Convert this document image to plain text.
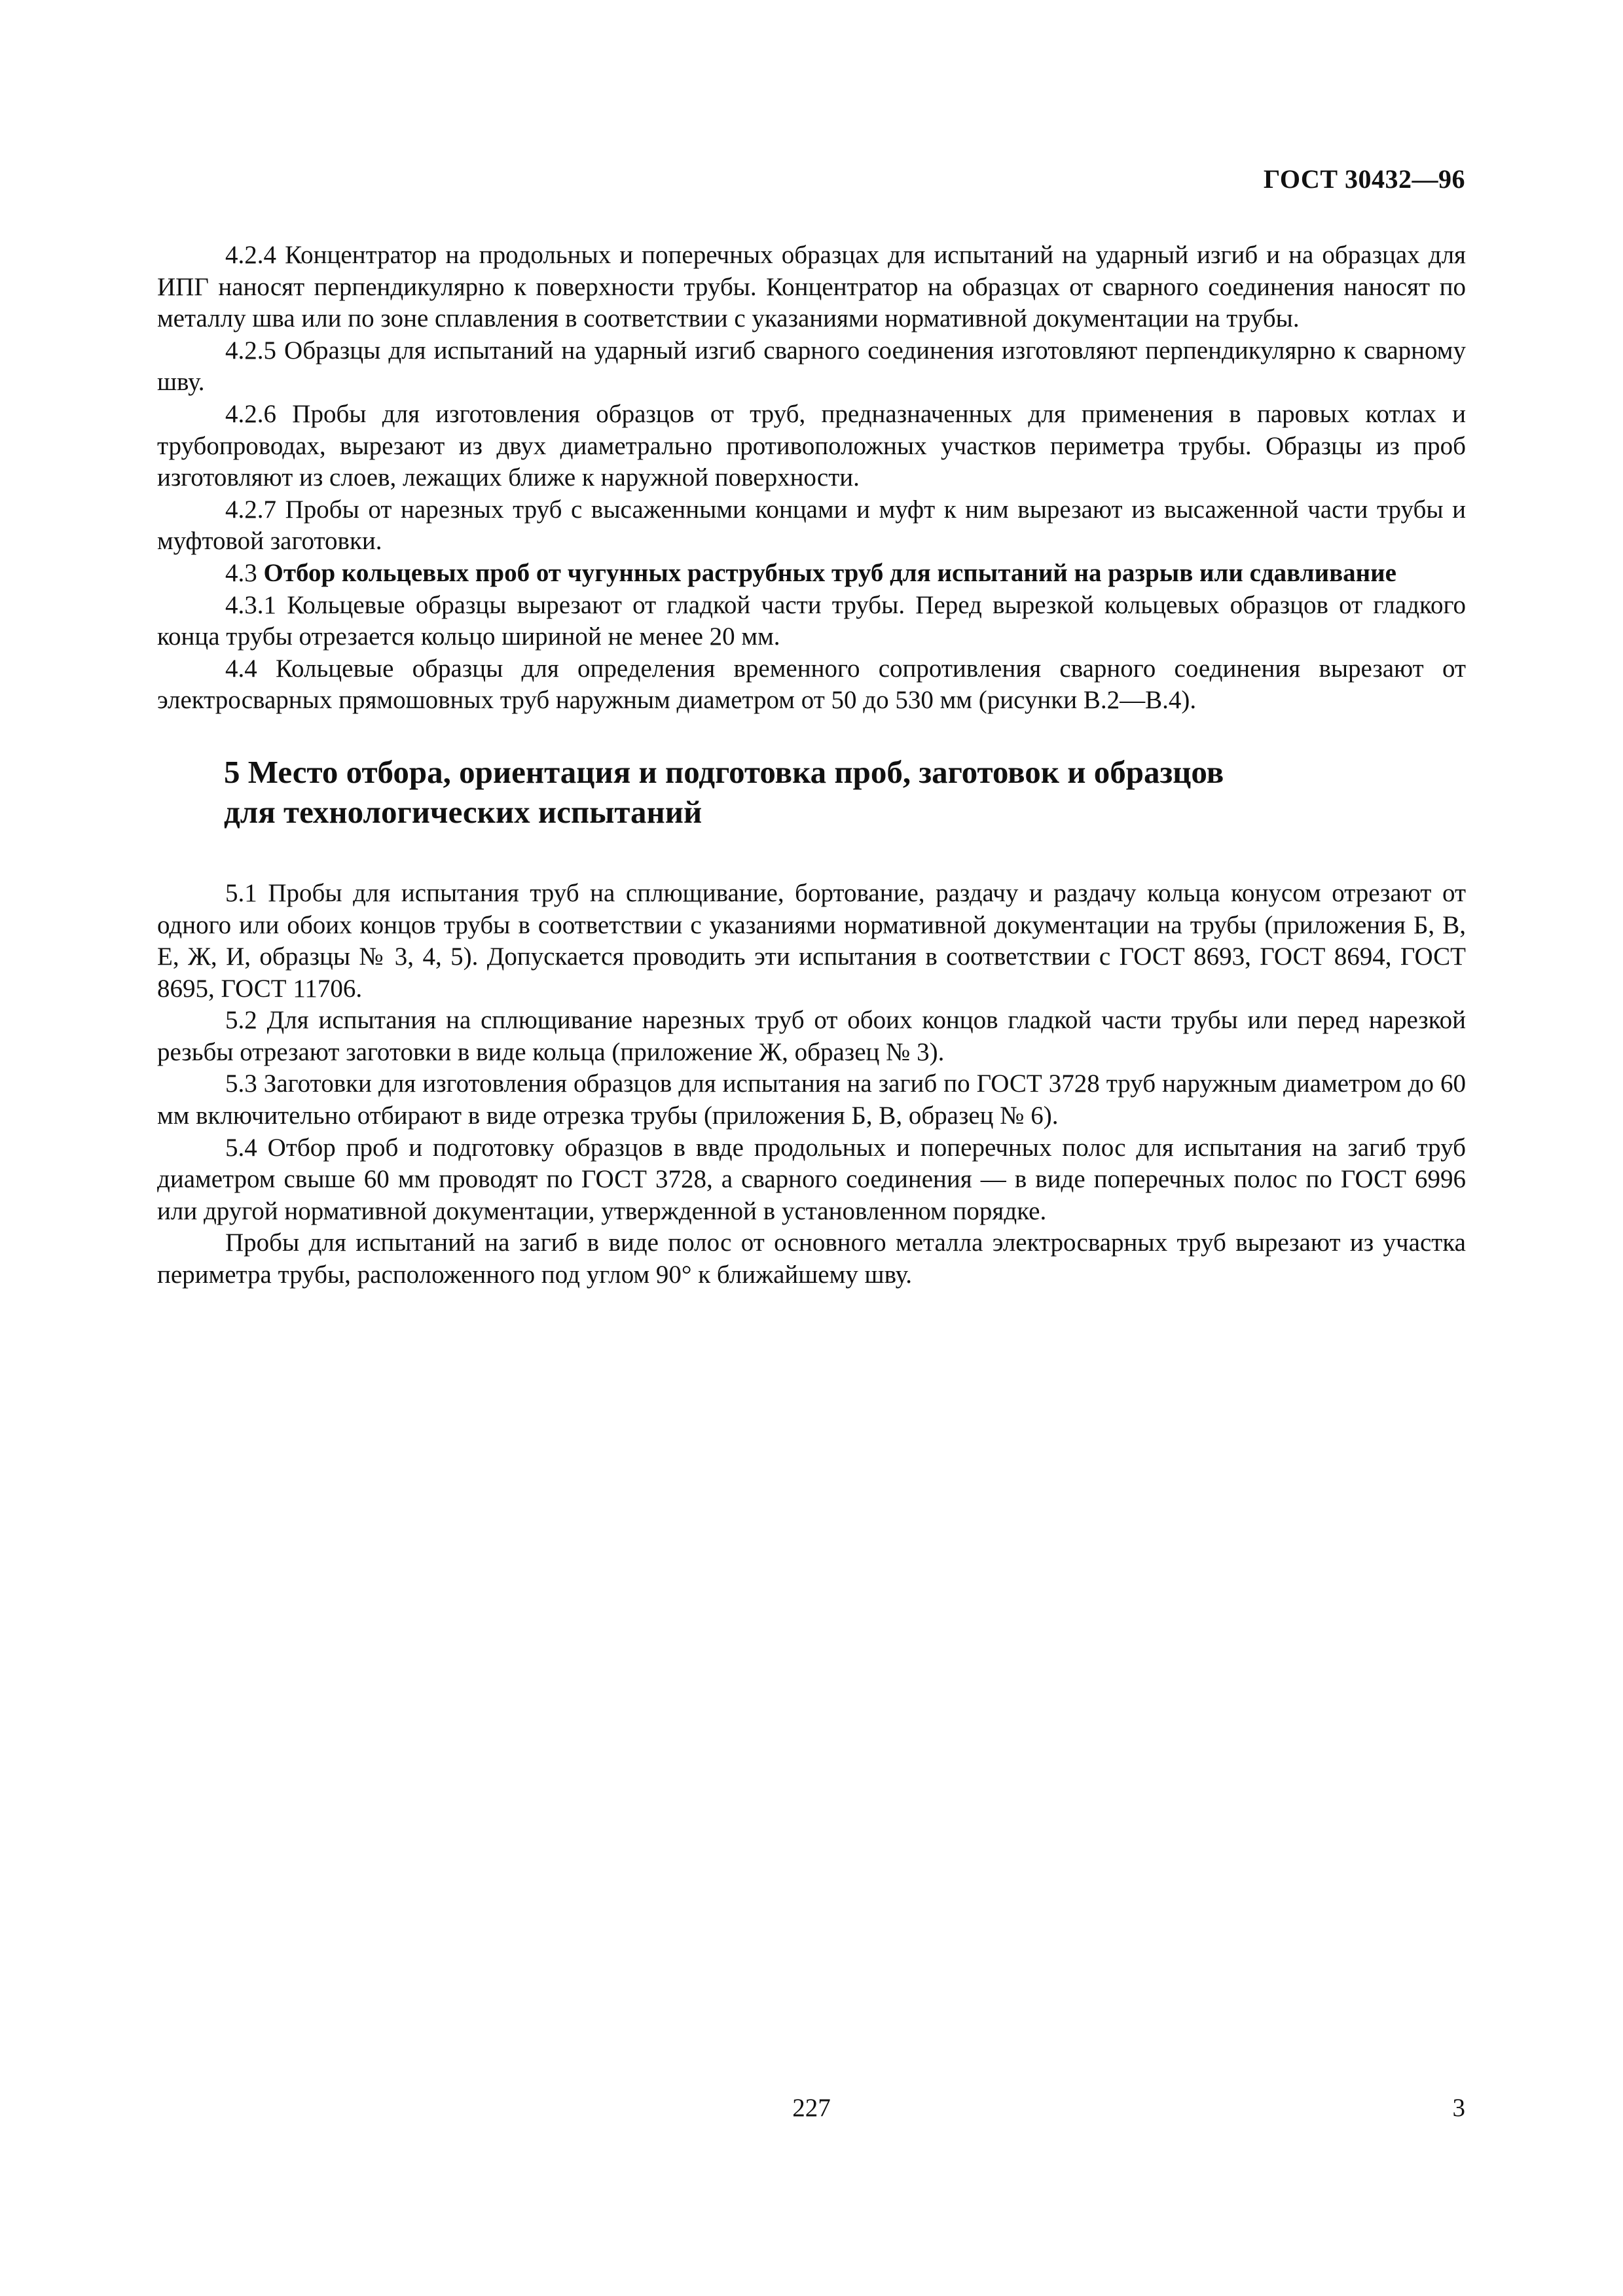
ГОСТ 30432—96

4.2.4 Концентратор на продольных и поперечных образцах для испытаний на ударный изгиб и на образцах для ИПГ наносят перпендикулярно к поверхности трубы. Концентратор на образцах от сварного соединения наносят по металлу шва или по зоне сплавления в соответствии с указаниями нормативной документации на трубы.

4.2.5 Образцы для испытаний на ударный изгиб сварного соединения изготовляют перпендикулярно к сварному шву.

4.2.6 Пробы для изготовления образцов от труб, предназначенных для применения в паровых котлах и трубопроводах, вырезают из двух диаметрально противоположных участков периметра трубы. Образцы из проб изготовляют из слоев, лежащих ближе к наружной поверхности.

4.2.7 Пробы от нарезных труб с высаженными концами и муфт к ним вырезают из высаженной части трубы и муфтовой заготовки.

4.3 Отбор кольцевых проб от чугунных раструбных труб для испытаний на разрыв или сдавливание

4.3.1 Кольцевые образцы вырезают от гладкой части трубы. Перед вырезкой кольцевых образцов от гладкого конца трубы отрезается кольцо шириной не менее 20 мм.

4.4 Кольцевые образцы для определения временного сопротивления сварного соединения вырезают от электросварных прямошовных труб наружным диаметром от 50 до 530 мм (рисунки В.2—В.4).

5 Место отбора, ориентация и подготовка проб, заготовок и образцов
для технологических испытаний

5.1 Пробы для испытания труб на сплющивание, бортование, раздачу и раздачу кольца конусом отрезают от одного или обоих концов трубы в соответствии с указаниями нормативной документации на трубы (приложения Б, В, Е, Ж, И, образцы № 3, 4, 5). Допускается проводить эти испытания в соответствии с ГОСТ 8693, ГОСТ 8694, ГОСТ 8695, ГОСТ 11706.

5.2 Для испытания на сплющивание нарезных труб от обоих концов гладкой части трубы или перед нарезкой резьбы отрезают заготовки в виде кольца (приложение Ж, образец № 3).

5.3 Заготовки для изготовления образцов для испытания на загиб по ГОСТ 3728 труб наружным диаметром до 60 мм включительно отбирают в виде отрезка трубы (приложения Б, В, образец № 6).

5.4 Отбор проб и подготовку образцов в ввде продольных и поперечных полос для испытания на загиб труб диаметром свыше 60 мм проводят по ГОСТ 3728, а сварного соединения — в виде поперечных полос по ГОСТ 6996 или другой нормативной документации, утвержденной в установленном порядке.

Пробы для испытаний на загиб в виде полос от основного металла электросварных труб вырезают из участка периметра трубы, расположенного под углом 90° к ближайшему шву.

227	3
